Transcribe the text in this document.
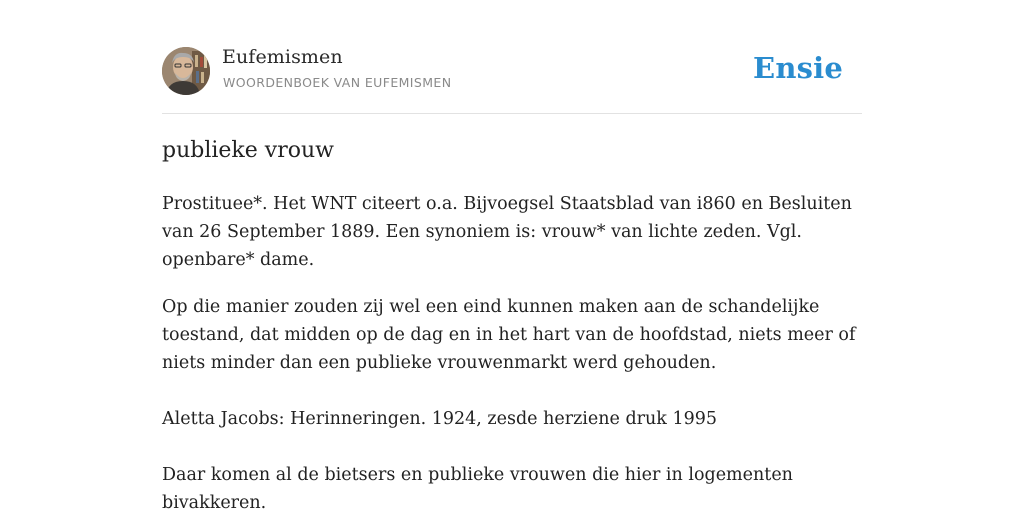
Eufemismen
WOORDENBOEK VAN EUFEMISMEN	Ensie
publieke vrouw

Prostituee*. Het WNT citeert o.a. Bijvoegsel Staatsblad van i860 en Besluiten van 26 September 1889. Een synoniem is: vrouw* van lichte zeden. Vgl. openbare* dame.

Op die manier zouden zij wel een eind kunnen maken aan de schandelijke toestand, dat midden op de dag en in het hart van de hoofdstad, niets meer of niets minder dan een publieke vrouwenmarkt werd gehouden.

Aletta Jacobs: Herinneringen. 1924, zesde herziene druk 1995

Daar komen al de bietsers en publieke vrouwen die hier in logementen bivakkeren.
